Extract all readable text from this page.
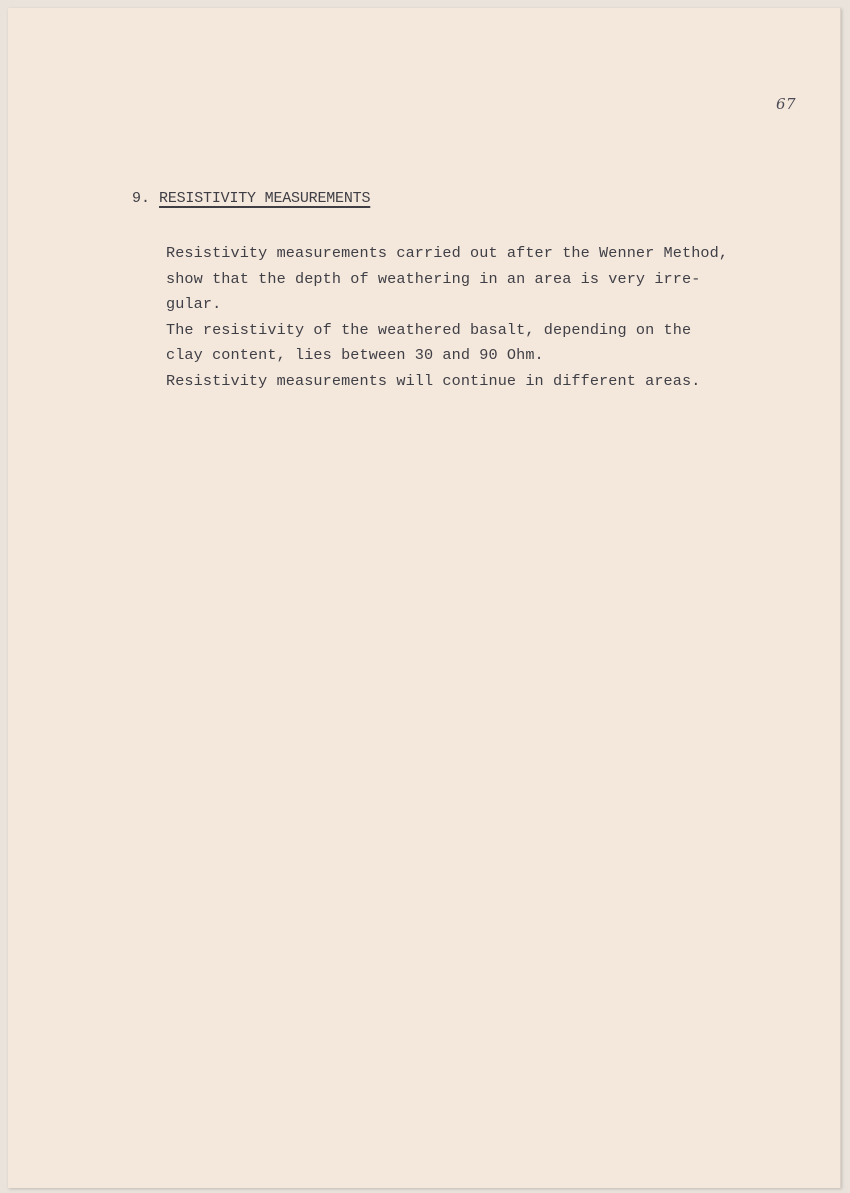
67
9. RESISTIVITY MEASUREMENTS
Resistivity measurements carried out after the Wenner Method,
show that the depth of weathering in an area is very irre-
gular.
The resistivity of the weathered basalt, depending on the
clay content, lies between 30 and 90 Ohm.
Resistivity measurements will continue in different areas.
